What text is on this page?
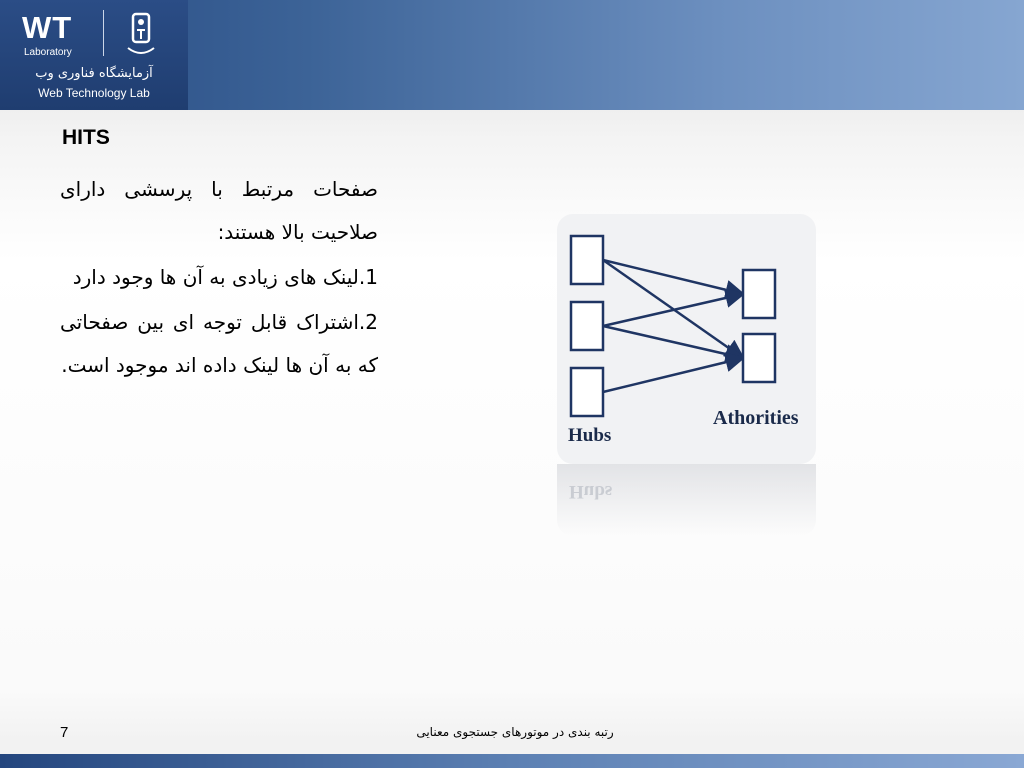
WT
Laboratory
آزمایشگاه فناوری وب
Web Technology Lab
HITS

صفحات مرتبط با پرسشی دارای صلاحیت بالا هستند:

1.لینک های زیادی به آن ها وجود دارد

2.اشتراک قابل توجه ای بین صفحاتی که به آن ها لینک داده اند موجود است.

Hubs
Athorities
Hubs
7	رتبه بندی در موتورهای جستجوی معنایی
